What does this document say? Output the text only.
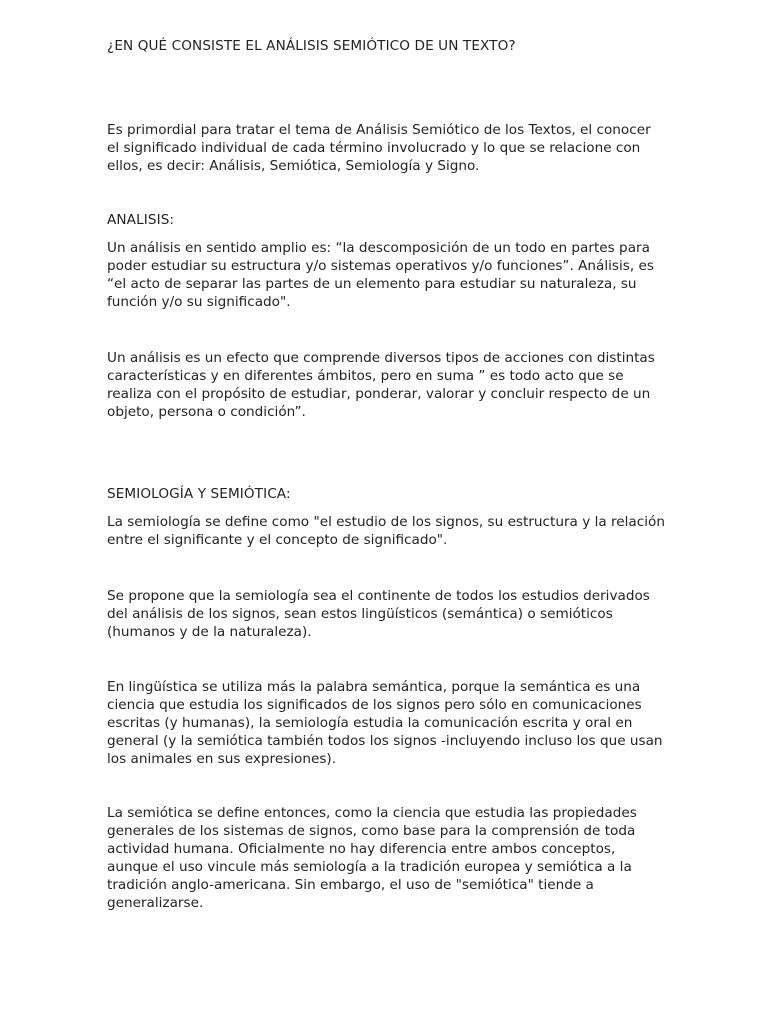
¿EN QUÉ CONSISTE EL ANÁLISIS SEMIÓTICO DE UN TEXTO?

Es primordial para tratar el tema de Análisis Semiótico de los Textos, el conocer el significado individual de cada término involucrado y lo que se relacione con ellos, es decir: Análisis, Semiótica, Semiología y Signo.

ANALISIS:

Un análisis en sentido amplio es: “la descomposición de un todo en partes para poder estudiar su estructura y/o sistemas operativos y/o funciones”. Análisis, es “el acto de separar las partes de un elemento para estudiar su naturaleza, su función y/o su significado".

Un análisis es un efecto que comprende diversos tipos de acciones con distintas características y en diferentes ámbitos, pero en suma ” es todo acto que se realiza con el propósito de estudiar, ponderar, valorar y concluir respecto de un objeto, persona o condición”.

SEMIOLOGÍA Y SEMIÓTICA:

La semiología se define como "el estudio de los signos, su estructura y la relación entre el significante y el concepto de significado".

Se propone que la semiología sea el continente de todos los estudios derivados del análisis de los signos, sean estos lingüísticos (semántica) o semióticos (humanos y de la naturaleza).

En lingüística se utiliza más la palabra semántica, porque la semántica es una ciencia que estudia los significados de los signos pero sólo en comunicaciones escritas (y humanas), la semiología estudia la comunicación escrita y oral en general (y la semiótica también todos los signos -incluyendo incluso los que usan los animales en sus expresiones).

La semiótica se define entonces, como la ciencia que estudia las propiedades generales de los sistemas de signos, como base para la comprensión de toda actividad humana. Oficialmente no hay diferencia entre ambos conceptos, aunque el uso vincule más semiología a la tradición europea y semiótica a la tradición anglo-americana. Sin embargo, el uso de "semiótica" tiende a generalizarse.
